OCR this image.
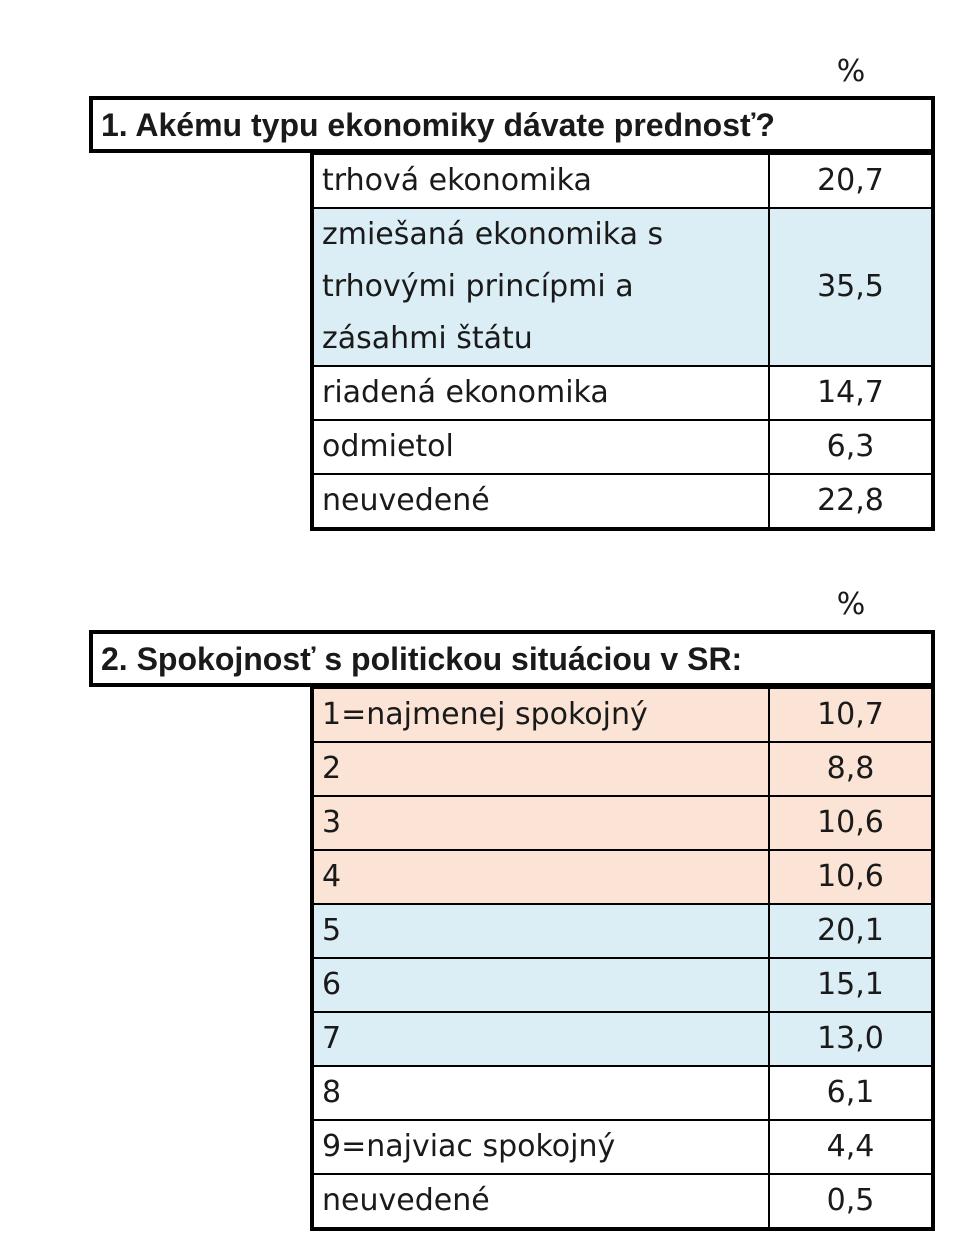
%
1. Akému typu ekonomiky dávate prednosť?
trhová ekonomika	20,7
zmiešaná ekonomika s
trhovými princípmi a
zásahmi štátu	35,5
riadená ekonomika	14,7
odmietol	6,3
neuvedené	22,8
%
2. Spokojnosť s politickou situáciou v SR:
1=najmenej spokojný	10,7
2	8,8
3	10,6
4	10,6
5	20,1
6	15,1
7	13,0
8	6,1
9=najviac spokojný	4,4
neuvedené	0,5
